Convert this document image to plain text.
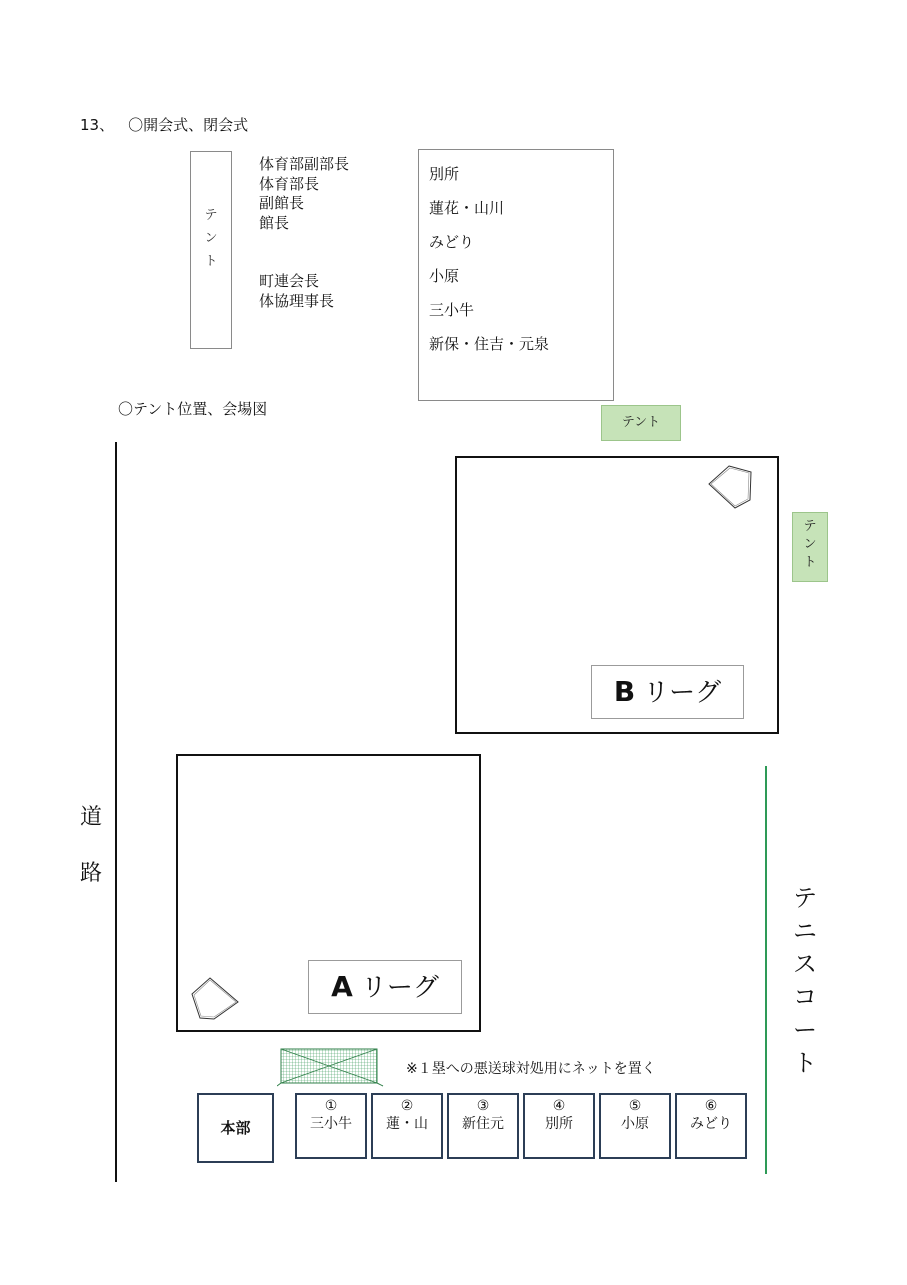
13、 〇開会式、閉会式
テ
ン
ト
体育部副部長
体育部長
副館長
館長

町連会長
体協理事長
別所
蓮花・山川
みどり
小原
三小牛
新保・住吉・元泉
〇テント位置、会場図
テント
テ
ン
ト
道
路
B リーグ
A リーグ
テ
ニ
ス
コ
ー
ト
※１塁への悪送球対処用にネットを置く
本部
①
三小牛
②
蓮・山
③
新住元
④
別所
⑤
小原
⑥
みどり
